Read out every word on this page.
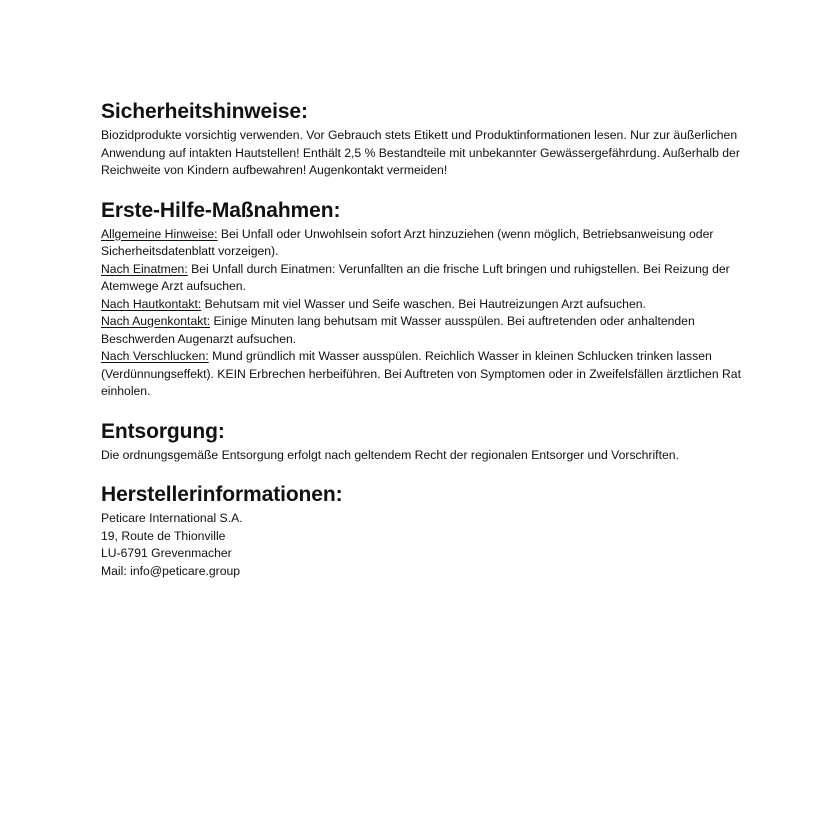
Sicherheitshinweise:

Biozidprodukte vorsichtig verwenden. Vor Gebrauch stets Etikett und Produktinformationen lesen. Nur zur äußerlichen Anwendung auf intakten Hautstellen! Enthält 2,5 % Bestandteile mit unbekannter Gewässergefährdung. Außerhalb der Reichweite von Kindern aufbewahren! Augenkontakt vermeiden!

Erste-Hilfe-Maßnahmen:

Allgemeine Hinweise: Bei Unfall oder Unwohlsein sofort Arzt hinzuziehen (wenn möglich, Betriebsanweisung oder Sicherheitsdatenblatt vorzeigen).

Nach Einatmen: Bei Unfall durch Einatmen: Verunfallten an die frische Luft bringen und ruhigstellen. Bei Reizung der Atemwege Arzt aufsuchen.

Nach Hautkontakt: Behutsam mit viel Wasser und Seife waschen. Bei Hautreizungen Arzt aufsuchen.

Nach Augenkontakt: Einige Minuten lang behutsam mit Wasser ausspülen. Bei auftretenden oder anhaltenden Beschwerden Augenarzt aufsuchen.

Nach Verschlucken: Mund gründlich mit Wasser ausspülen. Reichlich Wasser in kleinen Schlucken trinken lassen (Verdünnungseffekt). KEIN Erbrechen herbeiführen. Bei Auftreten von Symptomen oder in Zweifelsfällen ärztlichen Rat einholen.

Entsorgung:

Die ordnungsgemäße Entsorgung erfolgt nach geltendem Recht der regionalen Entsorger und Vorschriften.

Herstellerinformationen:

Peticare International S.A.
19, Route de Thionville
LU-6791 Grevenmacher
Mail: info@peticare.group
